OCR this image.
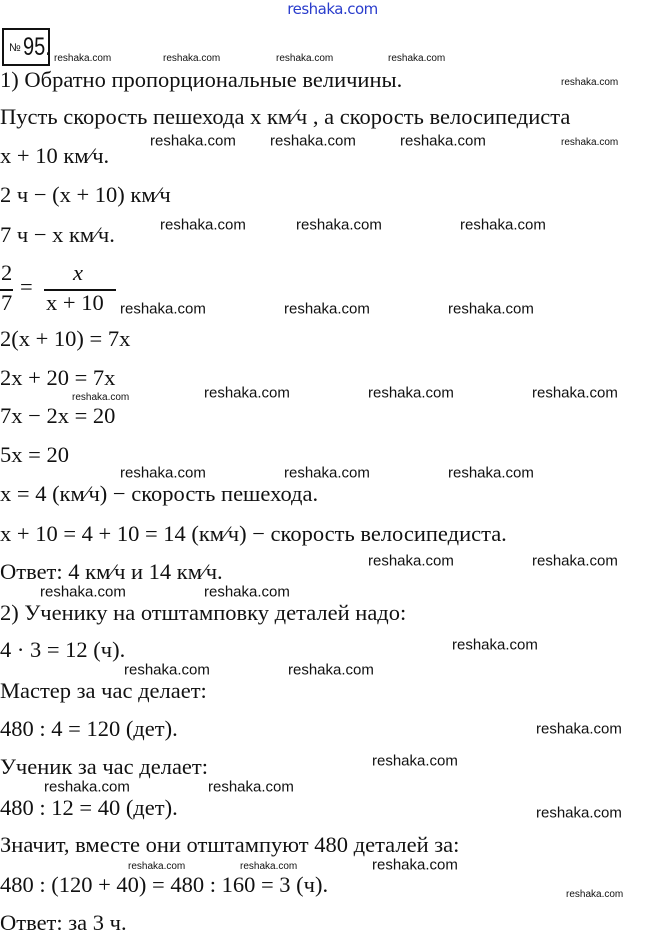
reshaka.com
№ 95.
1) Обратно пропорциональные величины.
Пусть скорость пешехода x км⁄ч , а скорость велосипедиста
x + 10 км⁄ч.
2 ч − (x + 10) км⁄ч
7 ч − x км⁄ч.
2(x + 10) = 7x
2x + 20 = 7x
7x − 2x = 20
5x = 20
x = 4 (км⁄ч) − скорость пешехода.
x + 10 = 4 + 10 = 14 (км⁄ч) − скорость велосипедиста.
Ответ: 4 км⁄ч и 14 км⁄ч.
2) Ученику на отштамповку деталей надо:
4 · 3 = 12 (ч).
Мастер за час делает:
480 : 4 = 120 (дет).
Ученик за час делает:
480 : 12 = 40 (дет).
Значит, вместе они отштампуют 480 деталей за:
480 : (120 + 40) = 480 : 160 = 3 (ч).
Ответ: за 3 ч.
2
7
=
x
x + 10
reshaka.com	reshaka.com	reshaka.com	reshaka.com
reshaka.com
reshaka.com reshaka.com	reshaka.com	reshaka.com
reshaka.com	reshaka.com	reshaka.com
reshaka.com	reshaka.com	reshaka.com
reshaka.com	reshaka.com	reshaka.com	reshaka.com
reshaka.com	reshaka.com	reshaka.com
reshaka.com	reshaka.com
reshaka.com	reshaka.com
reshaka.com
reshaka.com	reshaka.com
reshaka.com
reshaka.com
reshaka.com	reshaka.com
reshaka.com
reshaka.com	reshaka.com	reshaka.com
reshaka.com
